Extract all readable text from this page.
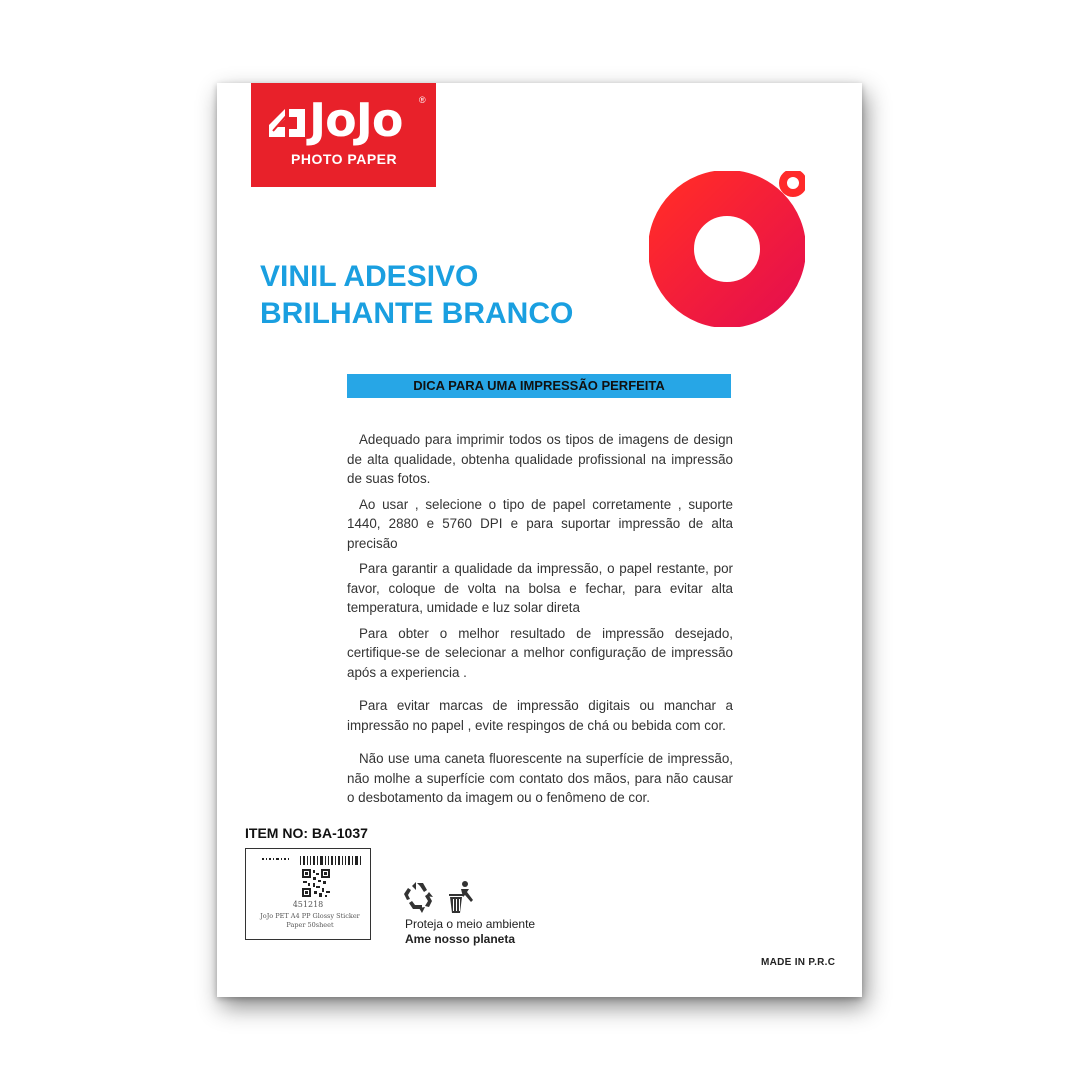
JoJo ®
PHOTO PAPER
VINIL ADESIVO
BRILHANTE BRANCO
DICA PARA UMA IMPRESSÃO PERFEITA

Adequado para imprimir todos os tipos de imagens de design de alta qualidade, obtenha qualidade profissional na impressão de suas fotos.

Ao usar , selecione o tipo de papel corretamente , suporte 1440, 2880 e 5760 DPI e para suportar impressão de alta precisão

Para garantir a qualidade da impressão, o papel restante, por favor, coloque de volta na bolsa e fechar, para evitar alta temperatura, umidade e luz solar direta

Para obter o melhor resultado de impressão desejado, certifique-se de selecionar a melhor configuração de impressão após a experiencia .

Para evitar marcas de impressão digitais ou manchar a impressão no papel , evite respingos de chá ou bebida com cor.

Não use uma caneta fluorescente na superfície de impressão, não molhe a superfície com contato dos mãos, para não causar o desbotamento da imagem ou o fenômeno de cor.

ITEM NO: BA-1037
451218
JoJo PET A4 PP Glossy Sticker Paper 50sheet	Proteja o meio ambiente
Ame nosso planeta
MADE IN P.R.C
